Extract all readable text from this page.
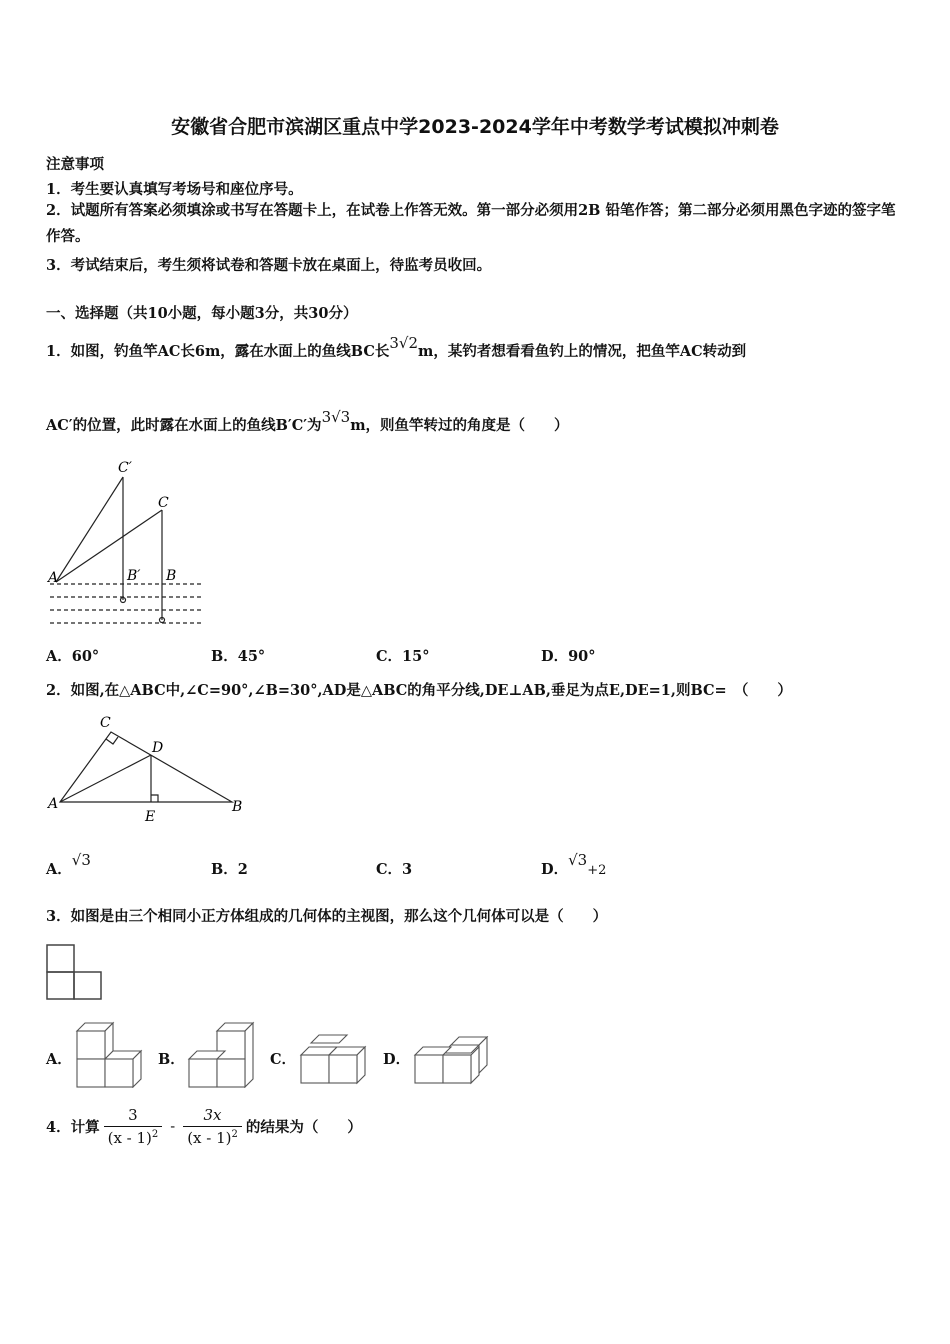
安徽省合肥市滨湖区重点中学2023-2024学年中考数学考试模拟冲刺卷
注意事项
1．考生要认真填写考场号和座位序号。
2．试题所有答案必须填涂或书写在答题卡上，在试卷上作答无效。第一部分必须用2B 铅笔作答；第二部分必须用黑色字迹的签字笔作答。
3．考试结束后，考生须将试卷和答题卡放在桌面上，待监考员收回。
一、选择题（共10小题，每小题3分，共30分）
1．如图，钓鱼竿AC长6m，露在水面上的鱼线BC长3√2m，某钓者想看看鱼钓上的情况，把鱼竿AC转动到
AC′的位置，此时露在水面上的鱼线B′C′为3√3m，则鱼竿转过的角度是（　　）
C′
C
A	B′ B
A．60°	B．45°	C．15°	D．90°
2．如图,在△ABC中,∠C=90°,∠B=30°,AD是△ABC的角平分线,DE⊥AB,垂足为点E,DE=1,则BC=　（　　）
C
D
A
E
B
A．√3
B．2	C．3	D．√3+2
3．如图是由三个相同小正方体组成的几何体的主视图，那么这个几何体可以是（　　）
A．	B．	C．	D．
4．计算 $\frac{3}{(x - 1)^2} - \frac{3x}{(x - 1)^2}$ 的结果为（　　）
